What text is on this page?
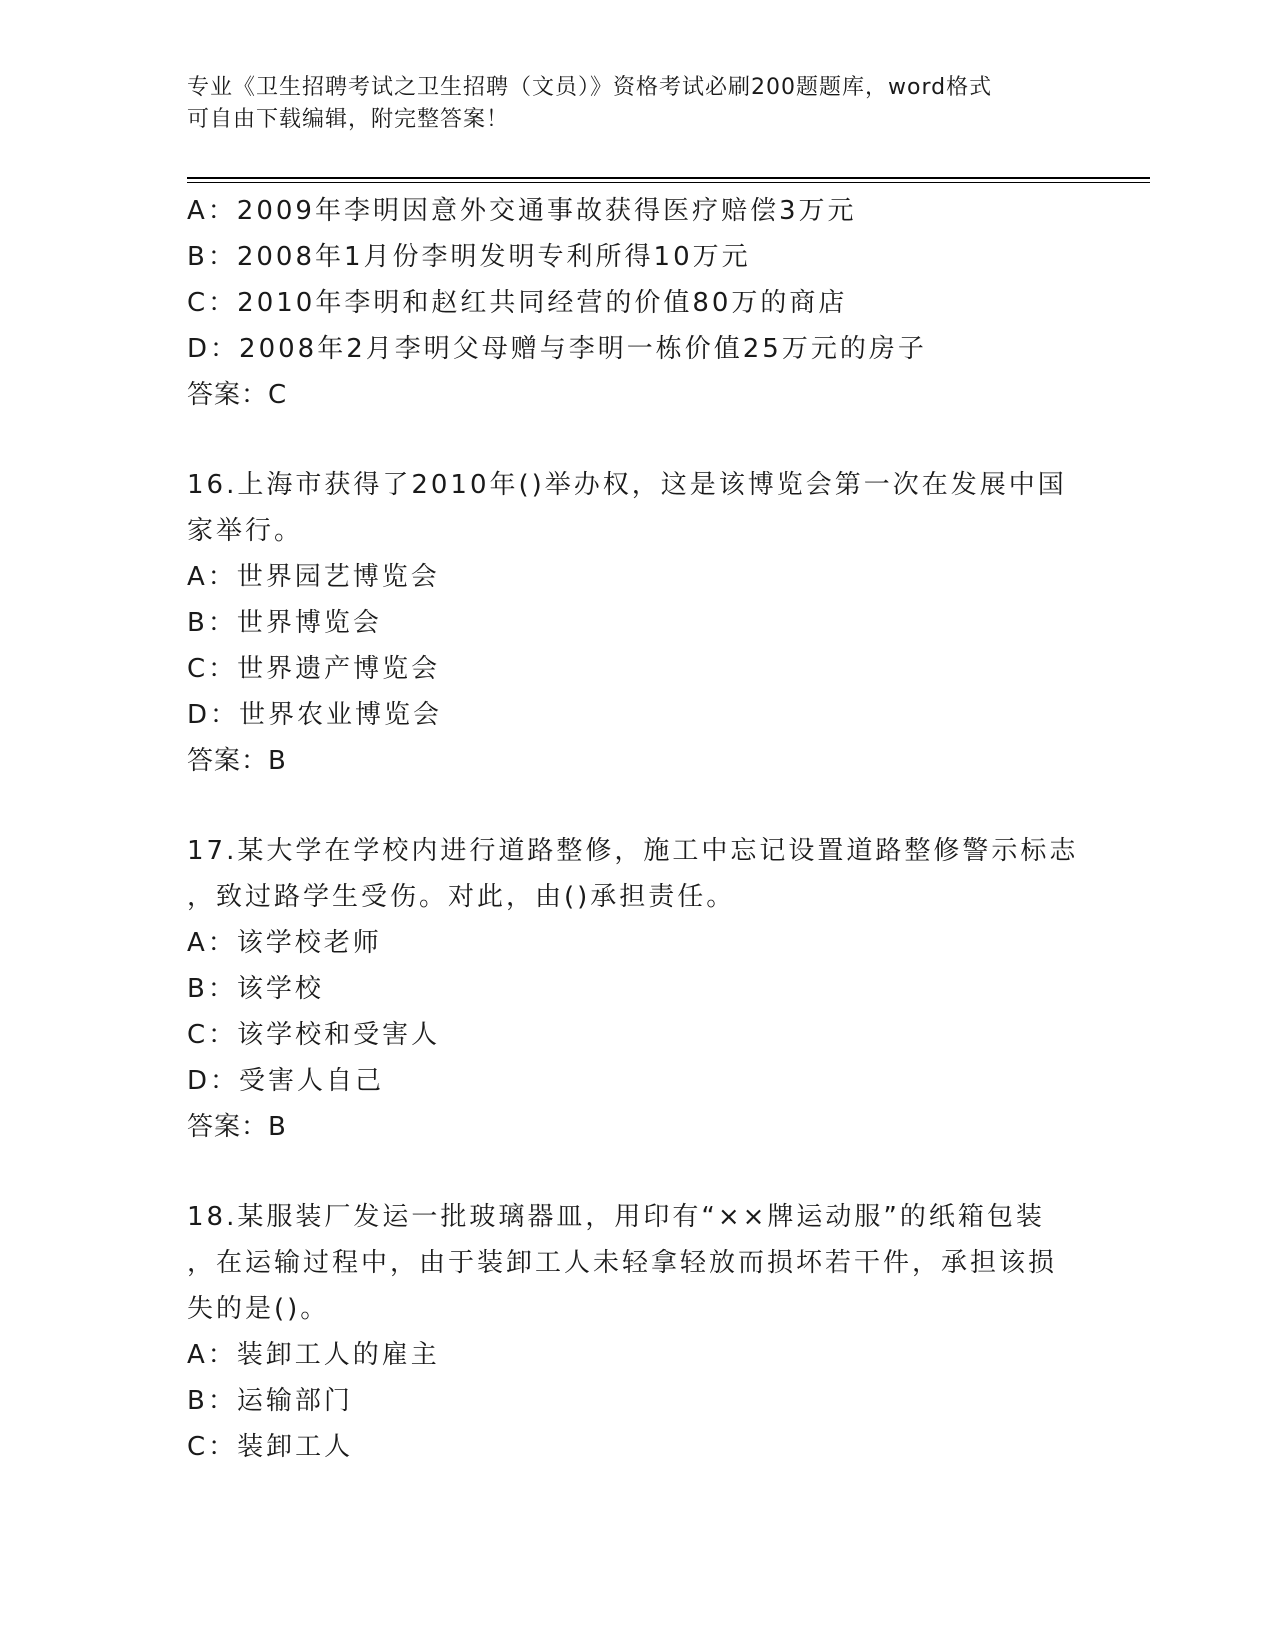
专业《卫生招聘考试之卫生招聘（文员）》资格考试必刷200题题库，word格式
可自由下载编辑，附完整答案！
A：2009年李明因意外交通事故获得医疗赔偿3万元
B：2008年1月份李明发明专利所得10万元
C：2010年李明和赵红共同经营的价值80万的商店
D：2008年2月李明父母赠与李明一栋价值25万元的房子
答案：C
16.上海市获得了2010年()举办权，这是该博览会第一次在发展中国
家举行。
A：世界园艺博览会
B：世界博览会
C：世界遗产博览会
D：世界农业博览会
答案：B
17.某大学在学校内进行道路整修，施工中忘记设置道路整修警示标志
，致过路学生受伤。对此，由()承担责任。
A：该学校老师
B：该学校
C：该学校和受害人
D：受害人自己
答案：B
18.某服装厂发运一批玻璃器皿，用印有“××牌运动服”的纸箱包装
，在运输过程中，由于装卸工人未轻拿轻放而损坏若干件，承担该损
失的是()。
A：装卸工人的雇主
B：运输部门
C：装卸工人
